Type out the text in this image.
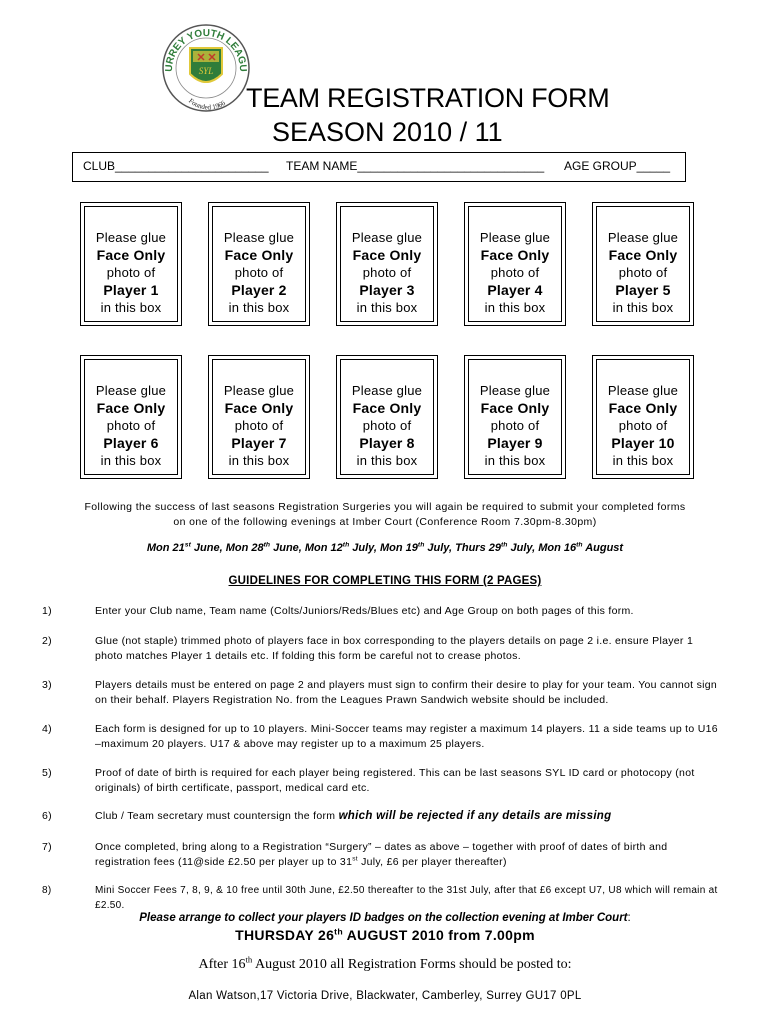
URREY YOUTH LEAGU
SYL
Founded 1966 TEAM REGISTRATION FORM
SEASON 2010 / 11
CLUB_______________________ TEAM NAME____________________________ AGE GROUP_____
Please glue
Face Only
photo of
Player 1
in this box
Please glue
Face Only
photo of
Player 2
in this box
Please glue
Face Only
photo of
Player 3
in this box
Please glue
Face Only
photo of
Player 4
in this box
Please glue
Face Only
photo of
Player 5
in this box
Please glue
Face Only
photo of
Player 6
in this box
Please glue
Face Only
photo of
Player 7
in this box
Please glue
Face Only
photo of
Player 8
in this box
Please glue
Face Only
photo of
Player 9
in this box
Please glue
Face Only
photo of
Player 10
in this box
Following the success of last seasons Registration Surgeries you will again be required to submit your completed forms
on one of the following evenings at Imber Court (Conference Room 7.30pm-8.30pm)
Mon 21st June, Mon 28th June, Mon 12th July, Mon 19th July, Thurs 29th July, Mon 16th August
GUIDELINES FOR COMPLETING THIS FORM (2 PAGES)
1)	Enter your Club name, Team name (Colts/Juniors/Reds/Blues etc) and Age Group on both pages of this form.
2)	Glue (not staple) trimmed photo of players face in box corresponding to the players details on page 2 i.e. ensure Player 1 photo matches Player 1 details etc. If folding this form be careful not to crease photos.
3)	Players details must be entered on page 2 and players must sign to confirm their desire to play for your team. You cannot sign on their behalf. Players Registration No. from the Leagues Prawn Sandwich website should be included.
4)	Each form is designed for up to 10 players. Mini-Soccer teams may register a maximum 14 players. 11 a side teams up to U16 –maximum 20 players. U17 & above may register up to a maximum 25 players.
5)	Proof of date of birth is required for each player being registered. This can be last seasons SYL ID card or photocopy (not originals) of birth certificate, passport, medical card etc.
6)	Club / Team secretary must countersign the form which will be rejected if any details are missing
7)	Once completed, bring along to a Registration “Surgery” – dates as above – together with proof of dates of birth and registration fees (11@side £2.50 per player up to 31st July, £6 per player thereafter)
8)	Mini Soccer Fees 7, 8, 9, & 10 free until 30th June, £2.50 thereafter to the 31st July, after that £6 except U7, U8 which will remain at £2.50.
Please arrange to collect your players ID badges on the collection evening at Imber Court:
THURSDAY 26th AUGUST 2010 from 7.00pm
After 16th August 2010 all Registration Forms should be posted to:
Alan Watson,17 Victoria Drive, Blackwater, Camberley, Surrey GU17 0PL
